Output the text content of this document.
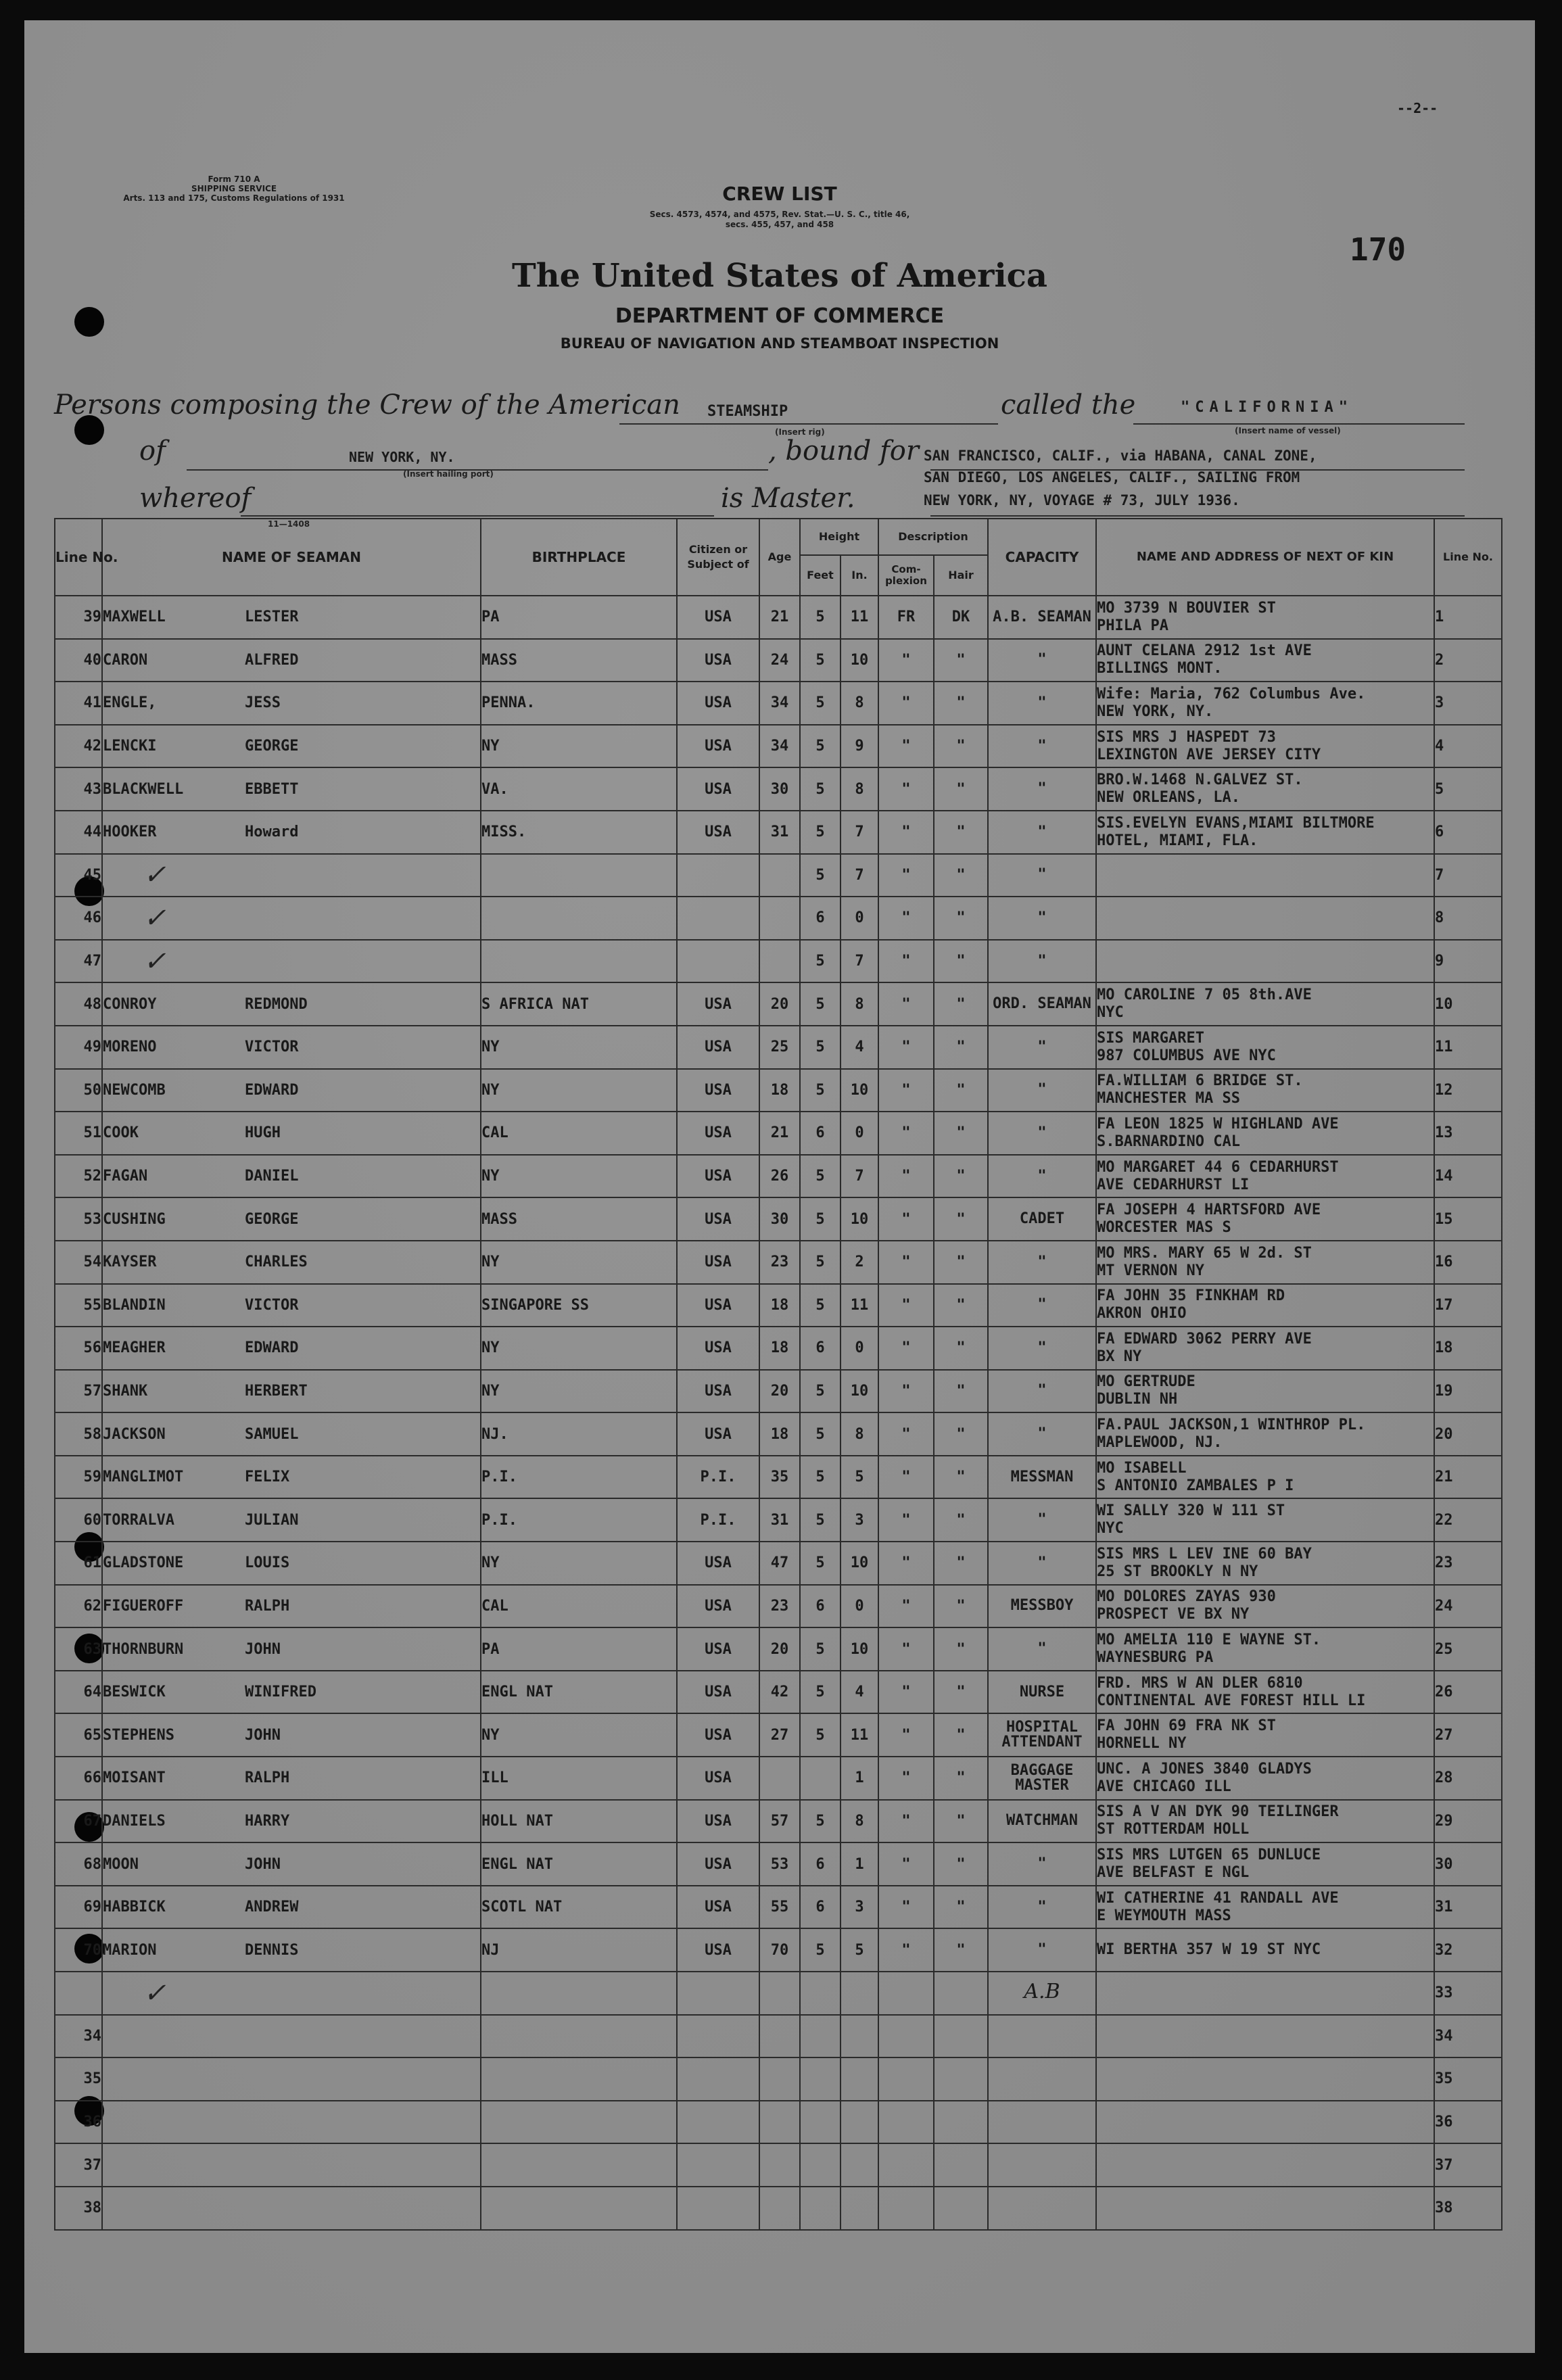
--2--
170
Form 710 A
SHIPPING SERVICE
Arts. 113 and 175, Customs Regulations of 1931	CREW LIST
Secs. 4573, 4574, and 4575, Rev. Stat.—U. S. C., title 46,
secs. 455, 457, and 458
The United States of America
DEPARTMENT OF COMMERCE
BUREAU OF NAVIGATION AND STEAMBOAT INSPECTION
Persons composing the Crew of the American STEAMSHIP
(Insert rig)
called the	"CALIFORNIA"
(Insert name of vessel)
of	NEW YORK, NY.
(Insert hailing port)
, bound for SAN FRANCISCO, CALIF., via HABANA, CANAL ZONE,
SAN DIEGO, LOS ANGELES, CALIF., SAILING FROM
whereof
11—1408
is Master.	NEW YORK, NY, VOYAGE # 73, JULY 1936.
Line No.	NAME OF SEAMAN	BIRTHPLACE	Citizen or Subject of	Age	Height		Description		CAPACITY	NAME AND ADDRESS OF NEXT OF KIN	Line No.
					Feet	In.	Com-plexion	Hair			
39	MAXWELL LESTER	PA	USA	21	5	11	FR	DK	A.B. SEAMAN	MO 3739 N BOUVIER ST
PHILA PA	1
40	CARON ALFRED	MASS	USA	24	5	10	"	"	"	AUNT CELANA 2912 1st AVE
BILLINGS MONT.	2
41	ENGLE, JESS	PENNA.	USA	34	5	8	"	"	"	Wife: Maria, 762 Columbus Ave.
NEW YORK, NY.	3
42	LENCKI GEORGE	NY	USA	34	5	9	"	"	"	SIS MRS J HASPEDT 73
LEXINGTON AVE JERSEY CITY	4
43	BLACKWELL EBBETT	VA.	USA	30	5	8	"	"	"	BRO.W.1468 N.GALVEZ ST.
NEW ORLEANS, LA.	5
44	HOOKER Howard	MISS.	USA	31	5	7	"	"	"	SIS.EVELYN EVANS,MIAMI BILTMORE
HOTEL, MIAMI, FLA.	6
45	✓				5	7	"	"	"		7
46	✓				6	0	"	"	"		8
47	✓				5	7	"	"	"		9
48	CONROY REDMOND	S AFRICA NAT	USA	20	5	8	"	"	ORD. SEAMAN	MO CAROLINE 7 05 8th.AVE
NYC	10
49	MORENO VICTOR	NY	USA	25	5	4	"	"	"	SIS MARGARET
987 COLUMBUS AVE NYC	11
50	NEWCOMB EDWARD	NY	USA	18	5	10	"	"	"	FA.WILLIAM 6 BRIDGE ST.
MANCHESTER MA SS	12
51	COOK HUGH	CAL	USA	21	6	0	"	"	"	FA LEON 1825 W HIGHLAND AVE
S.BARNARDINO CAL	13
52	FAGAN DANIEL	NY	USA	26	5	7	"	"	"	MO MARGARET 44 6 CEDARHURST
AVE CEDARHURST LI	14
53	CUSHING GEORGE	MASS	USA	30	5	10	"	"	CADET	FA JOSEPH 4 HARTSFORD AVE
WORCESTER MAS S	15
54	KAYSER CHARLES	NY	USA	23	5	2	"	"	"	MO MRS. MARY 65 W 2d. ST
MT VERNON NY	16
55	BLANDIN VICTOR	SINGAPORE SS	USA	18	5	11	"	"	"	FA JOHN 35 FINKHAM RD
AKRON OHIO	17
56	MEAGHER EDWARD	NY	USA	18	6	0	"	"	"	FA EDWARD 3062 PERRY AVE
BX NY	18
57	SHANK HERBERT	NY	USA	20	5	10	"	"	"	MO GERTRUDE
DUBLIN NH	19
58	JACKSON SAMUEL	NJ.	USA	18	5	8	"	"	"	FA.PAUL JACKSON,1 WINTHROP PL.
MAPLEWOOD, NJ.	20
59	MANGLIMOT FELIX	P.I.	P.I.	35	5	5	"	"	MESSMAN	MO ISABELL
S ANTONIO ZAMBALES P I	21
60	TORRALVA JULIAN	P.I.	P.I.	31	5	3	"	"	"	WI SALLY 320 W 111 ST
NYC	22
61	GLADSTONE LOUIS	NY	USA	47	5	10	"	"	"	SIS MRS L LEV INE 60 BAY
25 ST BROOKLY N NY	23
62	FIGUEROFF RALPH	CAL	USA	23	6	0	"	"	MESSBOY	MO DOLORES ZAYAS 930
PROSPECT VE BX NY	24
63	THORNBURN JOHN	PA	USA	20	5	10	"	"	"	MO AMELIA 110 E WAYNE ST.
WAYNESBURG PA	25
64	BESWICK WINIFRED	ENGL NAT	USA	42	5	4	"	"	NURSE	FRD. MRS W AN DLER 6810
CONTINENTAL AVE FOREST HILL LI	26
65	STEPHENS JOHN	NY	USA	27	5	11	"	"	HOSPITAL ATTENDANT	FA JOHN 69 FRA NK ST
HORNELL NY	27
66	MOISANT RALPH	ILL	USA			1	"	"	BAGGAGE MASTER	UNC. A JONES 3840 GLADYS
AVE CHICAGO ILL	28
67	DANIELS HARRY	HOLL NAT	USA	57	5	8	"	"	WATCHMAN	SIS A V AN DYK 90 TEILINGER
ST ROTTERDAM HOLL	29
68	MOON JOHN	ENGL NAT	USA	53	6	1	"	"	"	SIS MRS LUTGEN 65 DUNLUCE
AVE BELFAST E NGL	30
69	HABBICK ANDREW	SCOTL NAT	USA	55	6	3	"	"	"	WI CATHERINE 41 RANDALL AVE
E WEYMOUTH MASS	31
70	MARION DENNIS	NJ	USA	70	5	5	"	"	"	WI BERTHA 357 W 19 ST NYC	32
	✓								A.B		33
34											34
35											35
36											36
37											37
38											38
